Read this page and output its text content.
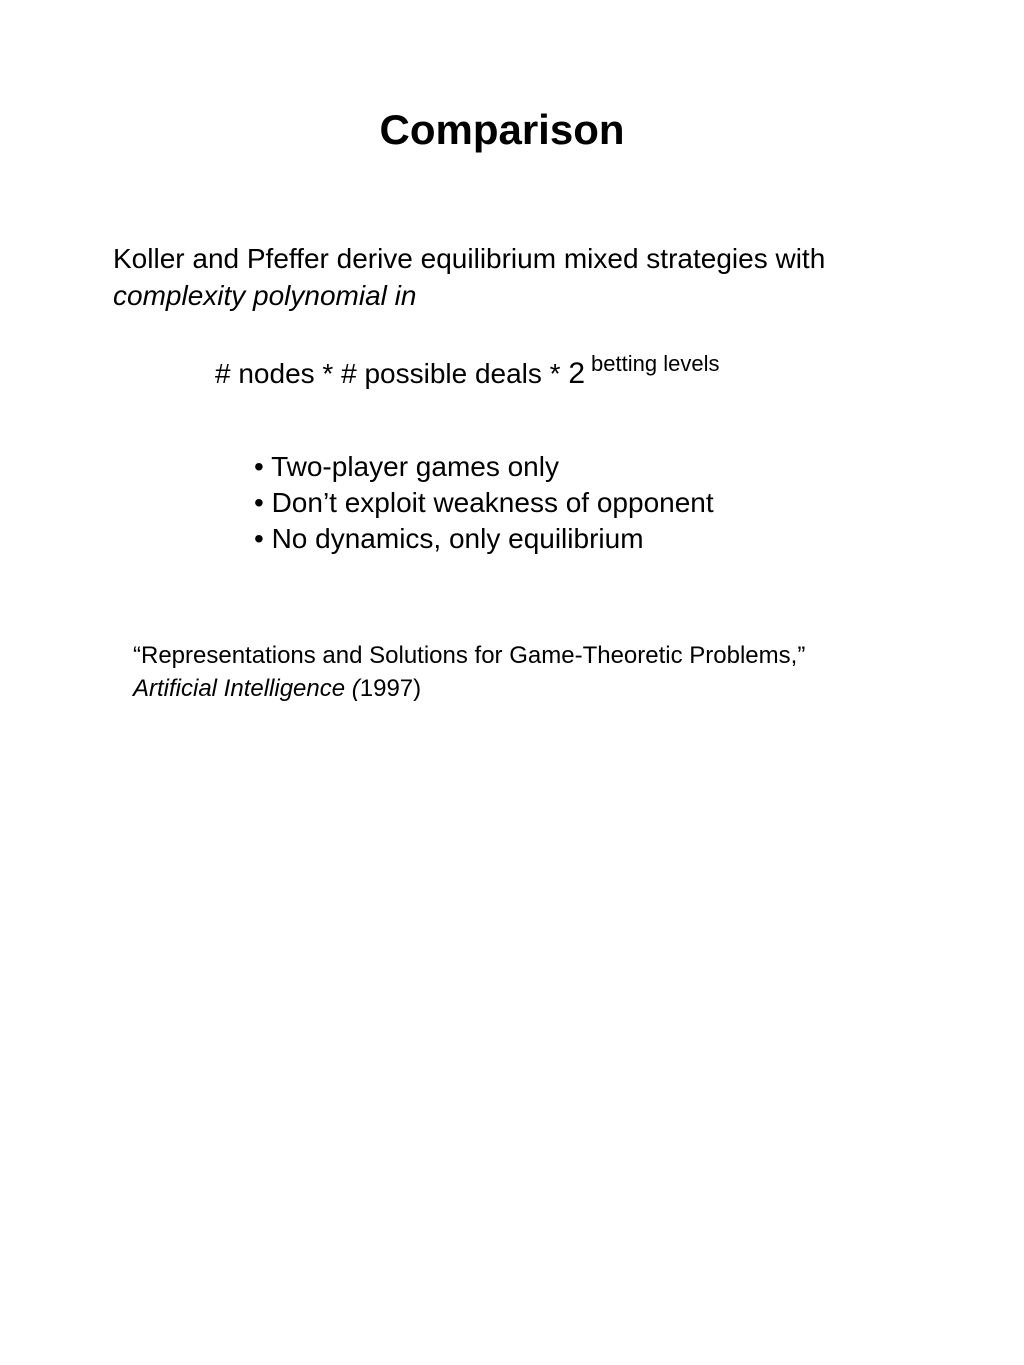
Comparison
Koller and Pfeffer derive equilibrium mixed strategies with
complexity polynomial in
# nodes * # possible deals * 2 $^{betting levels}$
• Two-player games only
• Don’t exploit weakness of opponent
• No dynamics, only equilibrium
“Representations and Solutions for Game-Theoretic Problems,”
Artificial Intelligence (1997)
